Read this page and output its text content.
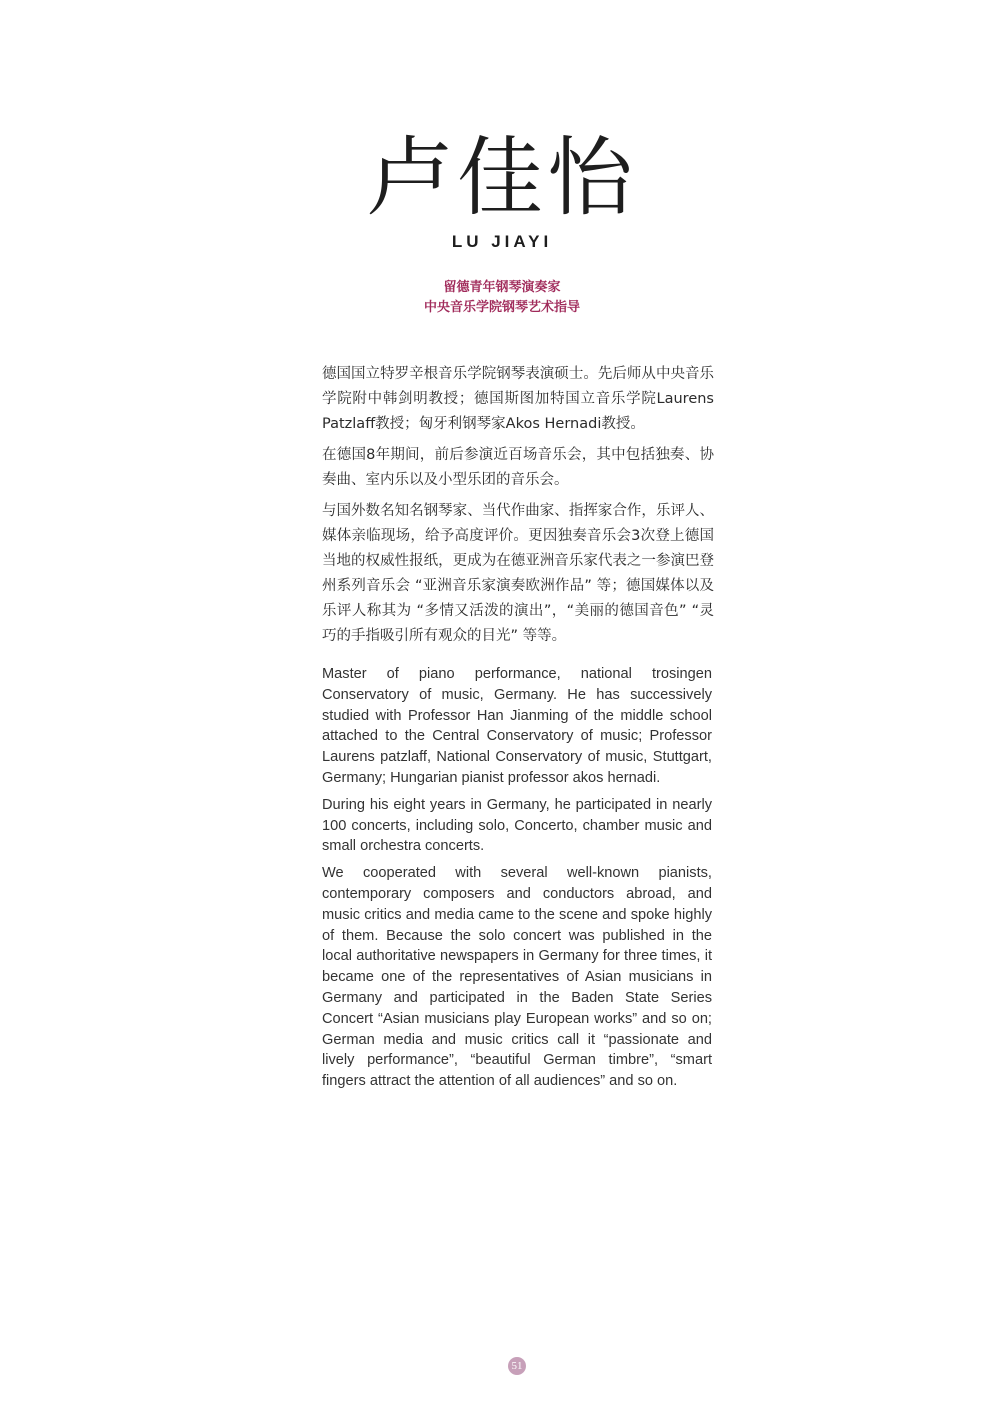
卢佳怡
LU JIAYI
留德青年钢琴演奏家
中央音乐学院钢琴艺术指导

德国国立特罗辛根音乐学院钢琴表演硕士。先后师从中央音乐学院附中韩剑明教授；德国斯图加特国立音乐学院Laurens Patzlaff教授；匈牙利钢琴家Akos Hernadi教授。

在德国8年期间，前后参演近百场音乐会，其中包括独奏、协奏曲、室内乐以及小型乐团的音乐会。

与国外数名知名钢琴家、当代作曲家、指挥家合作，乐评人、媒体亲临现场，给予高度评价。更因独奏音乐会3次登上德国当地的权威性报纸，更成为在德亚洲音乐家代表之一参演巴登州系列音乐会 “亚洲音乐家演奏欧洲作品” 等；德国媒体以及乐评人称其为 “多情又活泼的演出”，“美丽的德国音色” “灵巧的手指吸引所有观众的目光” 等等。

Master of piano performance, national trosingen Conservatory of music, Germany. He has successively studied with Professor Han Jianming of the middle school attached to the Central Conservatory of music; Professor Laurens patzlaff, National Conservatory of music, Stuttgart, Germany; Hungarian pianist professor akos hernadi.

During his eight years in Germany, he participated in nearly 100 concerts, including solo, Concerto, chamber music and small orchestra concerts.

We cooperated with several well-known pianists, contemporary composers and conductors abroad, and music critics and media came to the scene and spoke highly of them. Because the solo concert was published in the local authoritative newspapers in Germany for three times, it became one of the representatives of Asian musicians in Germany and participated in the Baden State Series Concert “Asian musicians play European works” and so on; German media and music critics call it “passionate and lively performance”, “beautiful German timbre”, “smart fingers attract the attention of all audiences” and so on.

51
